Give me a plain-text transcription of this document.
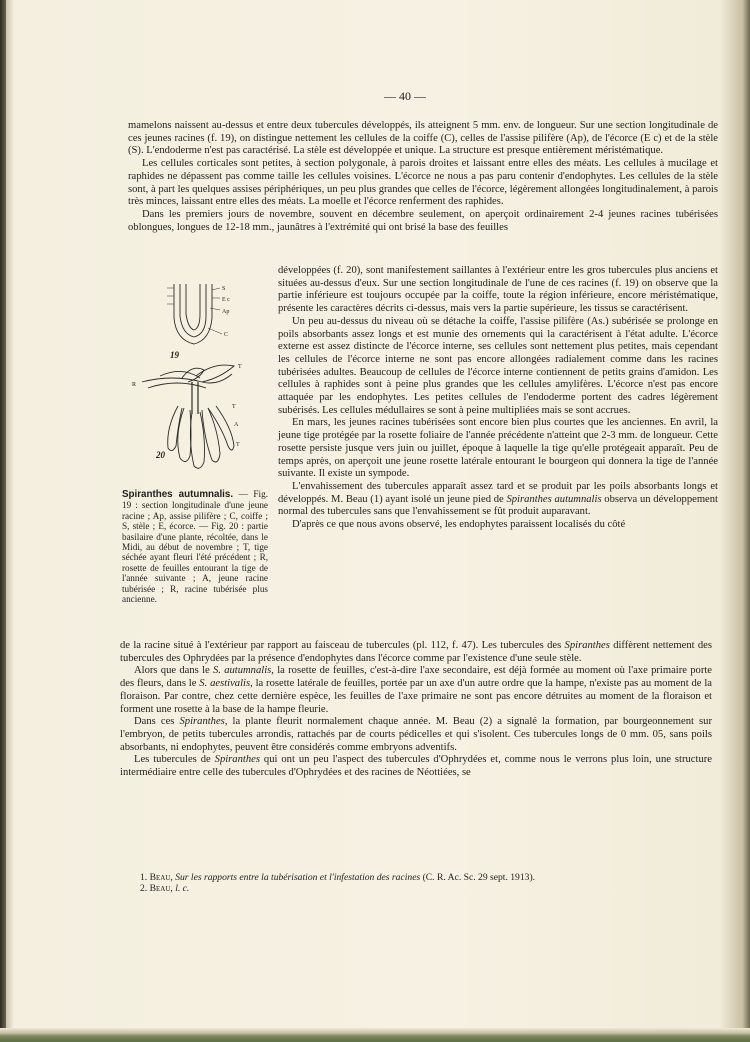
— 40 —

mamelons naissent au-dessus et entre deux tubercules développés, ils atteignent 5 mm. env. de longueur. Sur une section longitudinale de ces jeunes racines (f. 19), on distingue nettement les cellules de la coiffe (C), celles de l'assise pilifère (Ap), de l'écorce (E c) et de la stèle (S). L'endoderme n'est pas caractérisé. La stèle est développée et unique. La structure est presque entièrement méristématique.

Les cellules corticales sont petites, à section polygonale, à parois droites et laissant entre elles des méats. Les cellules à mucilage et raphides ne dépassent pas comme taille les cellules voisines. L'écorce ne nous a pas paru contenir d'endophytes. Les cellules de la stèle sont, à part les quelques assises périphériques, un peu plus grandes que celles de l'écorce, légèrement allongées longitudinalement, à parois très minces, laissant entre elles des méats. La moelle et l'écorce renferment des raphides.

Dans les premiers jours de novembre, souvent en décembre seulement, on aperçoit ordinairement 2-4 jeunes racines tubérisées oblongues, longues de 12-18 mm., jaunâtres à l'extrémité qui ont brisé la base des feuilles

S
E c
Ap
C
19
T
R
T
A
T
20
Spiranthes autumnalis. — Fig. 19 : section longitudinale d'une jeune racine ; Ap, assise pilifère ; C, coiffe ; S, stèle ; E, écorce. — Fig. 20 : partie basilaire d'une plante, récoltée, dans le Midi, au début de novembre ; T, tige séchée ayant fleuri l'été précédent ; R, rosette de feuilles entourant la tige de l'année suivante ; A, jeune racine tubérisée ; R, racine tubérisée plus ancienne.

développées (f. 20), sont manifestement saillantes à l'extérieur entre les gros tubercules plus anciens et situées au-dessus d'eux. Sur une section longitudinale de l'une de ces racines (f. 19) on observe que la partie inférieure est toujours occupée par la coiffe, toute la région inférieure, encore méristématique, présente les caractères décrits ci-dessus, mais vers la partie supérieure, les tissus se caractérisent.

Un peu au-dessus du niveau où se détache la coiffe, l'assise pilifère (As.) subérisée se prolonge en poils absorbants assez longs et est munie des ornements qui la caractérisent à l'état adulte. L'écorce externe est assez distincte de l'écorce interne, ses cellules sont nettement plus petites, mais cependant les cellules de l'écorce interne ne sont pas encore allongées radialement comme dans les racines tubérisées adultes. Beaucoup de cellules de l'écorce interne contiennent de petits grains d'amidon. Les cellules à raphides sont à peine plus grandes que les cellules amylifères. L'écorce n'est pas encore attaquée par les endophytes. Les petites cellules de l'endoderme portent des cadres légèrement subérisés. Les cellules médullaires se sont à peine multipliées mais se sont accrues.

En mars, les jeunes racines tubérisées sont encore bien plus courtes que les anciennes. En avril, la jeune tige protégée par la rosette foliaire de l'année précédente n'atteint que 2-3 mm. de longueur. Cette rosette persiste jusque vers juin ou juillet, époque à laquelle la tige qu'elle protégeait apparaît. Peu de temps après, on aperçoit une jeune rosette latérale entourant le bourgeon qui donnera la tige de l'année suivante. Il existe un sympode.

L'envahissement des tubercules apparaît assez tard et se produit par les poils absorbants longs et développés. M. Beau (1) ayant isolé un jeune pied de Spiranthes autumnalis observa un développement normal des tubercules sans que l'envahissement se fût produit auparavant.

D'après ce que nous avons observé, les endophytes paraissent localisés du côté

de la racine situé à l'extérieur par rapport au faisceau de tubercules (pl. 112, f. 47). Les tubercules des Spiranthes diffèrent nettement des tubercules des Ophrydées par la présence d'endophytes dans l'écorce comme par l'existence d'une seule stèle.

Alors que dans le S. autumnalis, la rosette de feuilles, c'est-à-dire l'axe secondaire, est déjà formée au moment où l'axe primaire porte des fleurs, dans le S. aestivalis, la rosette latérale de feuilles, portée par un axe d'un autre ordre que la hampe, n'existe pas au moment de la floraison. Par contre, chez cette dernière espèce, les feuilles de l'axe primaire ne sont pas encore détruites au moment de la floraison et forment une rosette à la base de la hampe fleurie.

Dans ces Spiranthes, la plante fleurit normalement chaque année. M. Beau (2) a signalé la formation, par bourgeonnement sur l'embryon, de petits tubercules arrondis, rattachés par de courts pédicelles et qui s'isolent. Ces tubercules longs de 0 mm. 05, sans poils absorbants, ni endophytes, peuvent être considérés comme embryons adventifs.

Les tubercules de Spiranthes qui ont un peu l'aspect des tubercules d'Ophrydées et, comme nous le verrons plus loin, une structure intermédiaire entre celle des tubercules d'Ophrydées et des racines de Néottiées, se

1. Beau, Sur les rapports entre la tubérisation et l'infestation des racines (C. R. Ac. Sc. 29 sept. 1913).
2. Beau, l. c.
